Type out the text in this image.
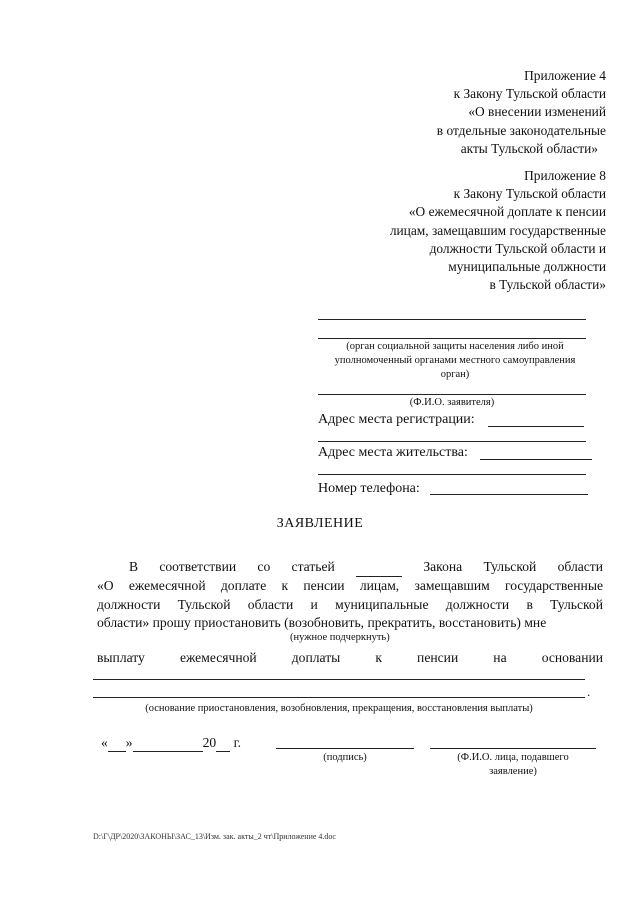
Приложение 4
к Закону Тульской области
«О внесении изменений
в отдельные законодательные
акты Тульской области»
Приложение 8
к Закону Тульской области
«О ежемесячной доплате к пенсии
лицам, замещавшим государственные
должности Тульской области и
муниципальные должности
в Тульской области»
(орган социальной защиты населения либо иной
уполномоченный органами местного самоуправления
орган)
(Ф.И.О. заявителя)
Адрес места регистрации:
Адрес места жительства:
Номер телефона:
ЗАЯВЛЕНИЕ
В соответствии со статьей	Закона Тульской области
«О ежемесячной доплате к пенсии лицам, замещавшим государственные
должности Тульской области и муниципальные должности в Тульской
области» прошу приостановить (возобновить, прекратить, восстановить) мне
(нужное подчеркнуть)
выплату	ежемесячной	доплаты	к	пенсии	на	основании
.
(основание приостановления, возобновления, прекращения, восстановления выплаты)
« »	20 г.
(подпись)	(Ф.И.О. лица, подавшего
заявление)
D:\Г\ДР\2020\ЗАКОНЫ\ЗАС_13\Изм. зак. акты_2 чт\Приложение 4.doc
